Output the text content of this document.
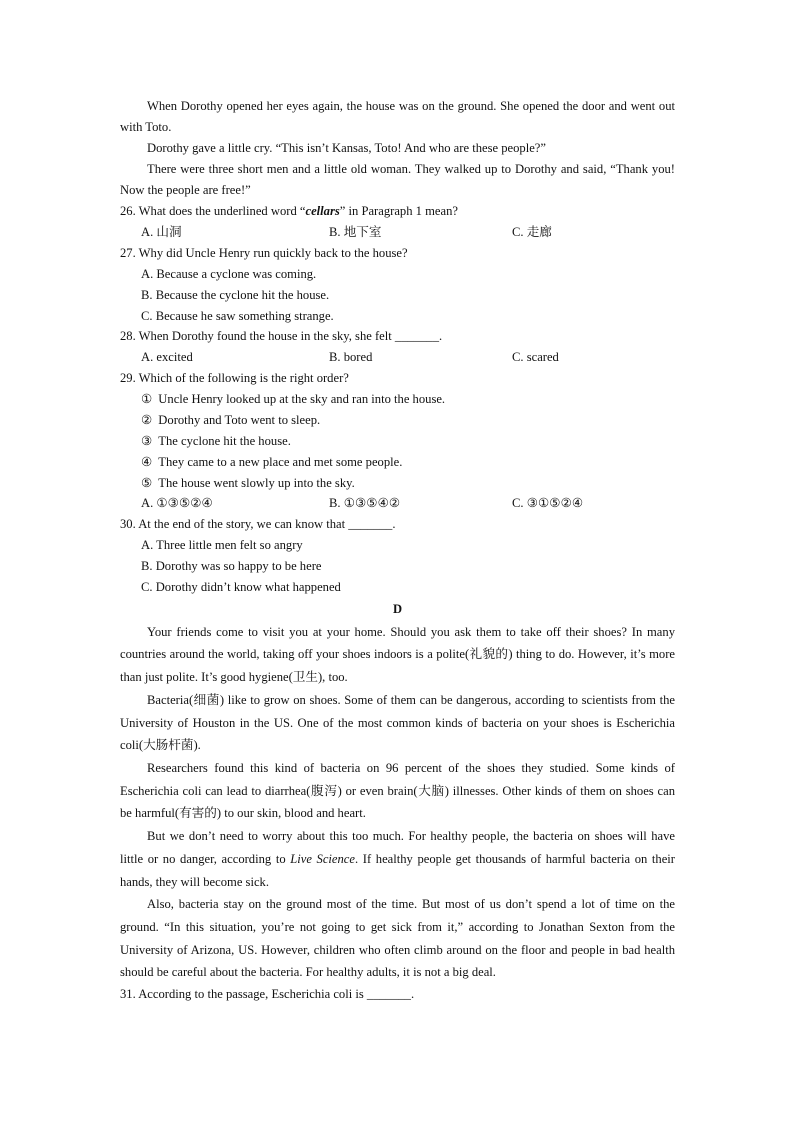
When Dorothy opened her eyes again, the house was on the ground. She opened the door and went out with Toto.

Dorothy gave a little cry. “This isn’t Kansas, Toto! And who are these people?”

There were three short men and a little old woman. They walked up to Dorothy and said, “Thank you! Now the people are free!”

26. What does the underlined word “cellars” in Paragraph 1 mean?

A. 山洞	B. 地下室	C. 走廊

27. Why did Uncle Henry run quickly back to the house?

A. Because a cyclone was coming.

B. Because the cyclone hit the house.

C. Because he saw something strange.

28. When Dorothy found the house in the sky, she felt _______.

A. excited	B. bored	C. scared

29. Which of the following is the right order?

① Uncle Henry looked up at the sky and ran into the house.

② Dorothy and Toto went to sleep.

③ The cyclone hit the house.

④ They came to a new place and met some people.

⑤ The house went slowly up into the sky.

A. ①③⑤②④	B. ①③⑤④②	C. ③①⑤②④

30. At the end of the story, we can know that _______.

A. Three little men felt so angry

B. Dorothy was so happy to be here

C. Dorothy didn’t know what happened

D

Your friends come to visit you at your home. Should you ask them to take off their shoes? In many countries around the world, taking off your shoes indoors is a polite(礼貌的) thing to do. However, it’s more than just polite. It’s good hygiene(卫生), too.

Bacteria(细菌) like to grow on shoes. Some of them can be dangerous, according to scientists from the University of Houston in the US. One of the most common kinds of bacteria on your shoes is Escherichia coli(大肠杆菌).

Researchers found this kind of bacteria on 96 percent of the shoes they studied. Some kinds of Escherichia coli can lead to diarrhea(腹泻) or even brain(大脑) illnesses. Other kinds of them on shoes can be harmful(有害的) to our skin, blood and heart.

But we don’t need to worry about this too much. For healthy people, the bacteria on shoes will have little or no danger, according to Live Science. If healthy people get thousands of harmful bacteria on their hands, they will become sick.

Also, bacteria stay on the ground most of the time. But most of us don’t spend a lot of time on the ground. “In this situation, you’re not going to get sick from it,” according to Jonathan Sexton from the University of Arizona, US. However, children who often climb around on the floor and people in bad health should be careful about the bacteria. For healthy adults, it is not a big deal.

31. According to the passage, Escherichia coli is _______.
